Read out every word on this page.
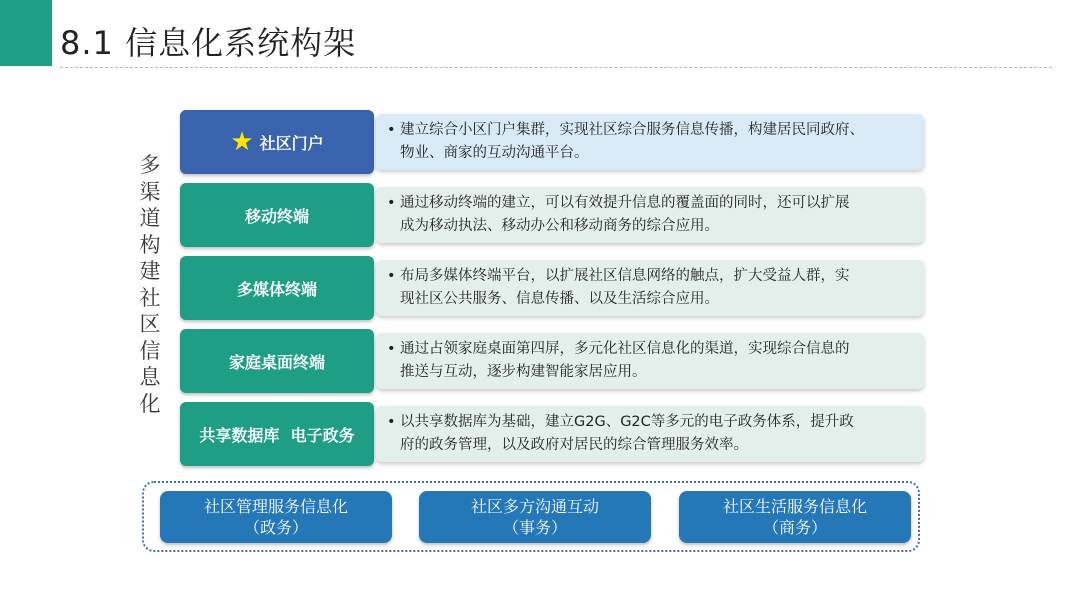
8.1 信息化系统构架
多
渠
道
构
建
社
区
信
息
化
★ 社区门户
• 建立综合小区门户集群，实现社区综合服务信息传播，构建居民同政府、
物业、商家的互动沟通平台。
移动终端
• 通过移动终端的建立，可以有效提升信息的覆盖面的同时，还可以扩展
成为移动执法、移动办公和移动商务的综合应用。
多媒体终端
• 布局多媒体终端平台，以扩展社区信息网络的触点，扩大受益人群，实
现社区公共服务、信息传播、以及生活综合应用。
家庭桌面终端
• 通过占领家庭桌面第四屏，多元化社区信息化的渠道，实现综合信息的
推送与互动，逐步构建智能家居应用。
共享数据库  电子政务
• 以共享数据库为基础，建立G2G、G2C等多元的电子政务体系，提升政
府的政务管理，以及政府对居民的综合管理服务效率。
社区管理服务信息化
（政务）
社区多方沟通互动
（事务）
社区生活服务信息化
（商务）
